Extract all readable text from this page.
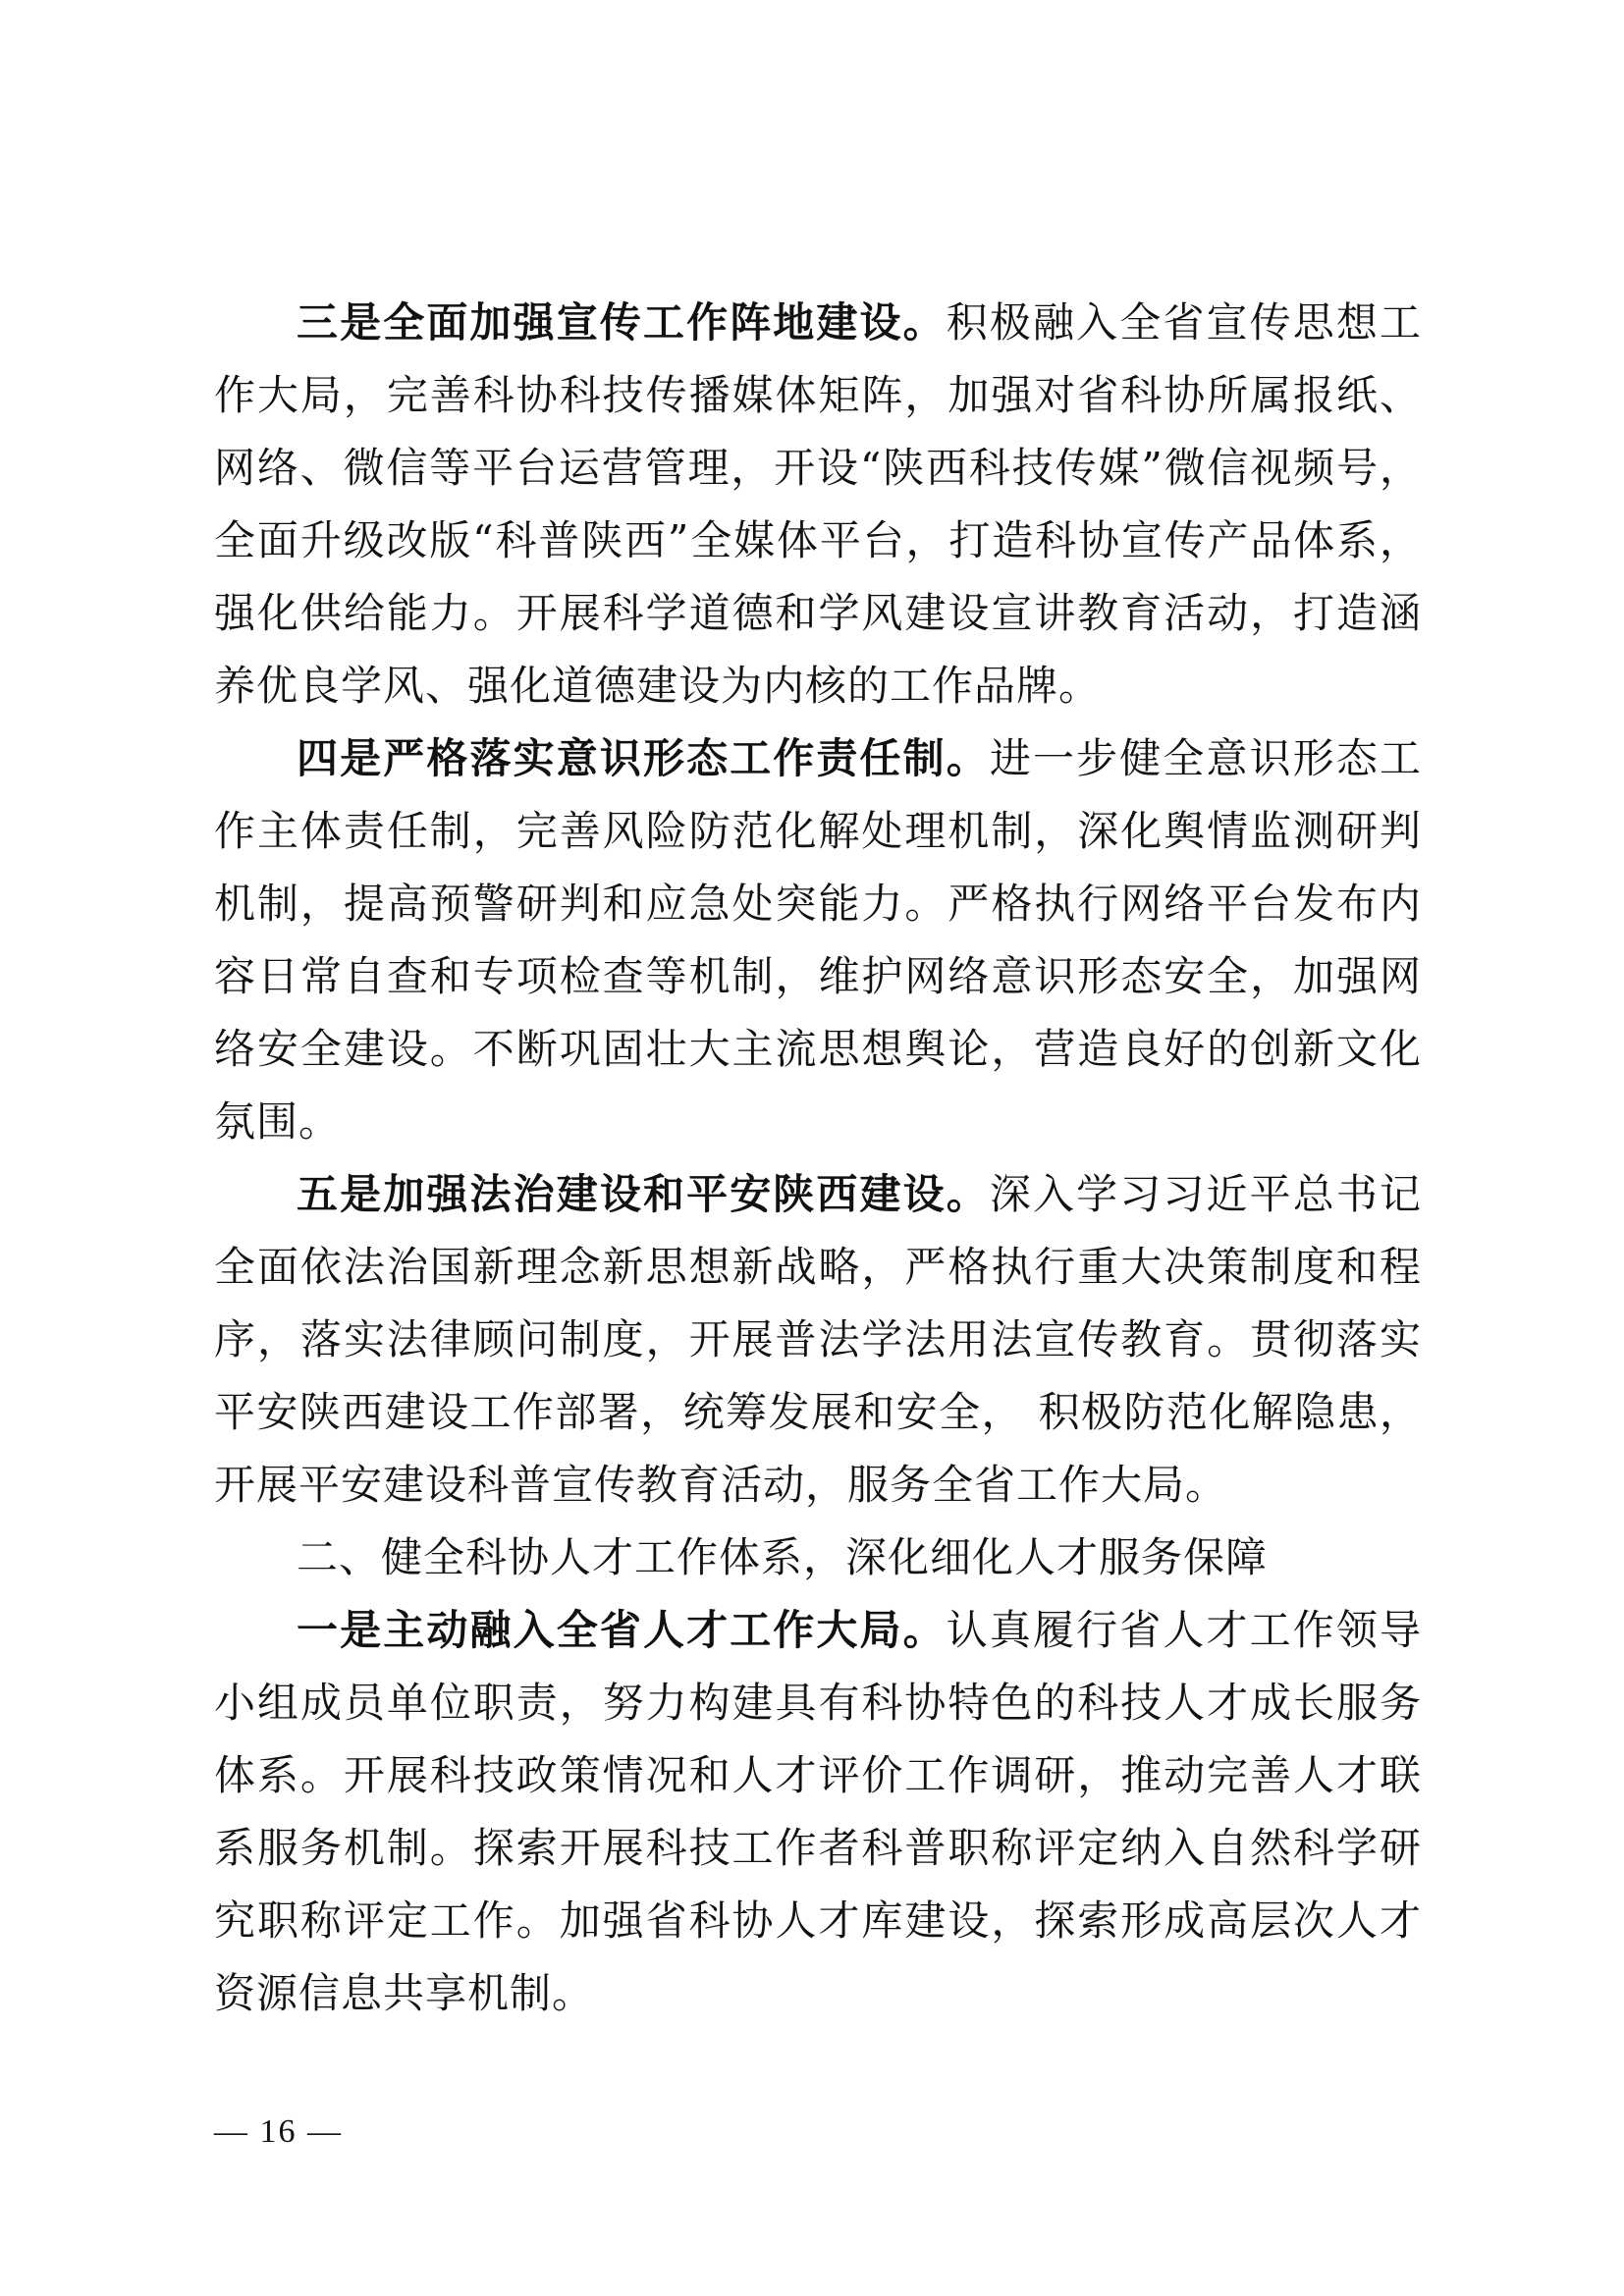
三是全面加强宣传工作阵地建设。积极融入全省宣传思想工作大局，完善科协科技传播媒体矩阵，加强对省科协所属报纸、网络、微信等平台运营管理，开设“陕西科技传媒”微信视频号，全面升级改版“科普陕西”全媒体平台，打造科协宣传产品体系，强化供给能力。开展科学道德和学风建设宣讲教育活动，打造涵养优良学风、强化道德建设为内核的工作品牌。

四是严格落实意识形态工作责任制。进一步健全意识形态工作主体责任制，完善风险防范化解处理机制，深化舆情监测研判机制，提高预警研判和应急处突能力。严格执行网络平台发布内容日常自查和专项检查等机制，维护网络意识形态安全，加强网络安全建设。不断巩固壮大主流思想舆论，营造良好的创新文化氛围。

五是加强法治建设和平安陕西建设。深入学习习近平总书记全面依法治国新理念新思想新战略，严格执行重大决策制度和程序，落实法律顾问制度，开展普法学法用法宣传教育。贯彻落实平安陕西建设工作部署，统筹发展和安全， 积极防范化解隐患，开展平安建设科普宣传教育活动，服务全省工作大局。

二、健全科协人才工作体系，深化细化人才服务保障

一是主动融入全省人才工作大局。认真履行省人才工作领导小组成员单位职责，努力构建具有科协特色的科技人才成长服务体系。开展科技政策情况和人才评价工作调研，推动完善人才联系服务机制。探索开展科技工作者科普职称评定纳入自然科学研究职称评定工作。加强省科协人才库建设，探索形成高层次人才资源信息共享机制。

— 16 —
